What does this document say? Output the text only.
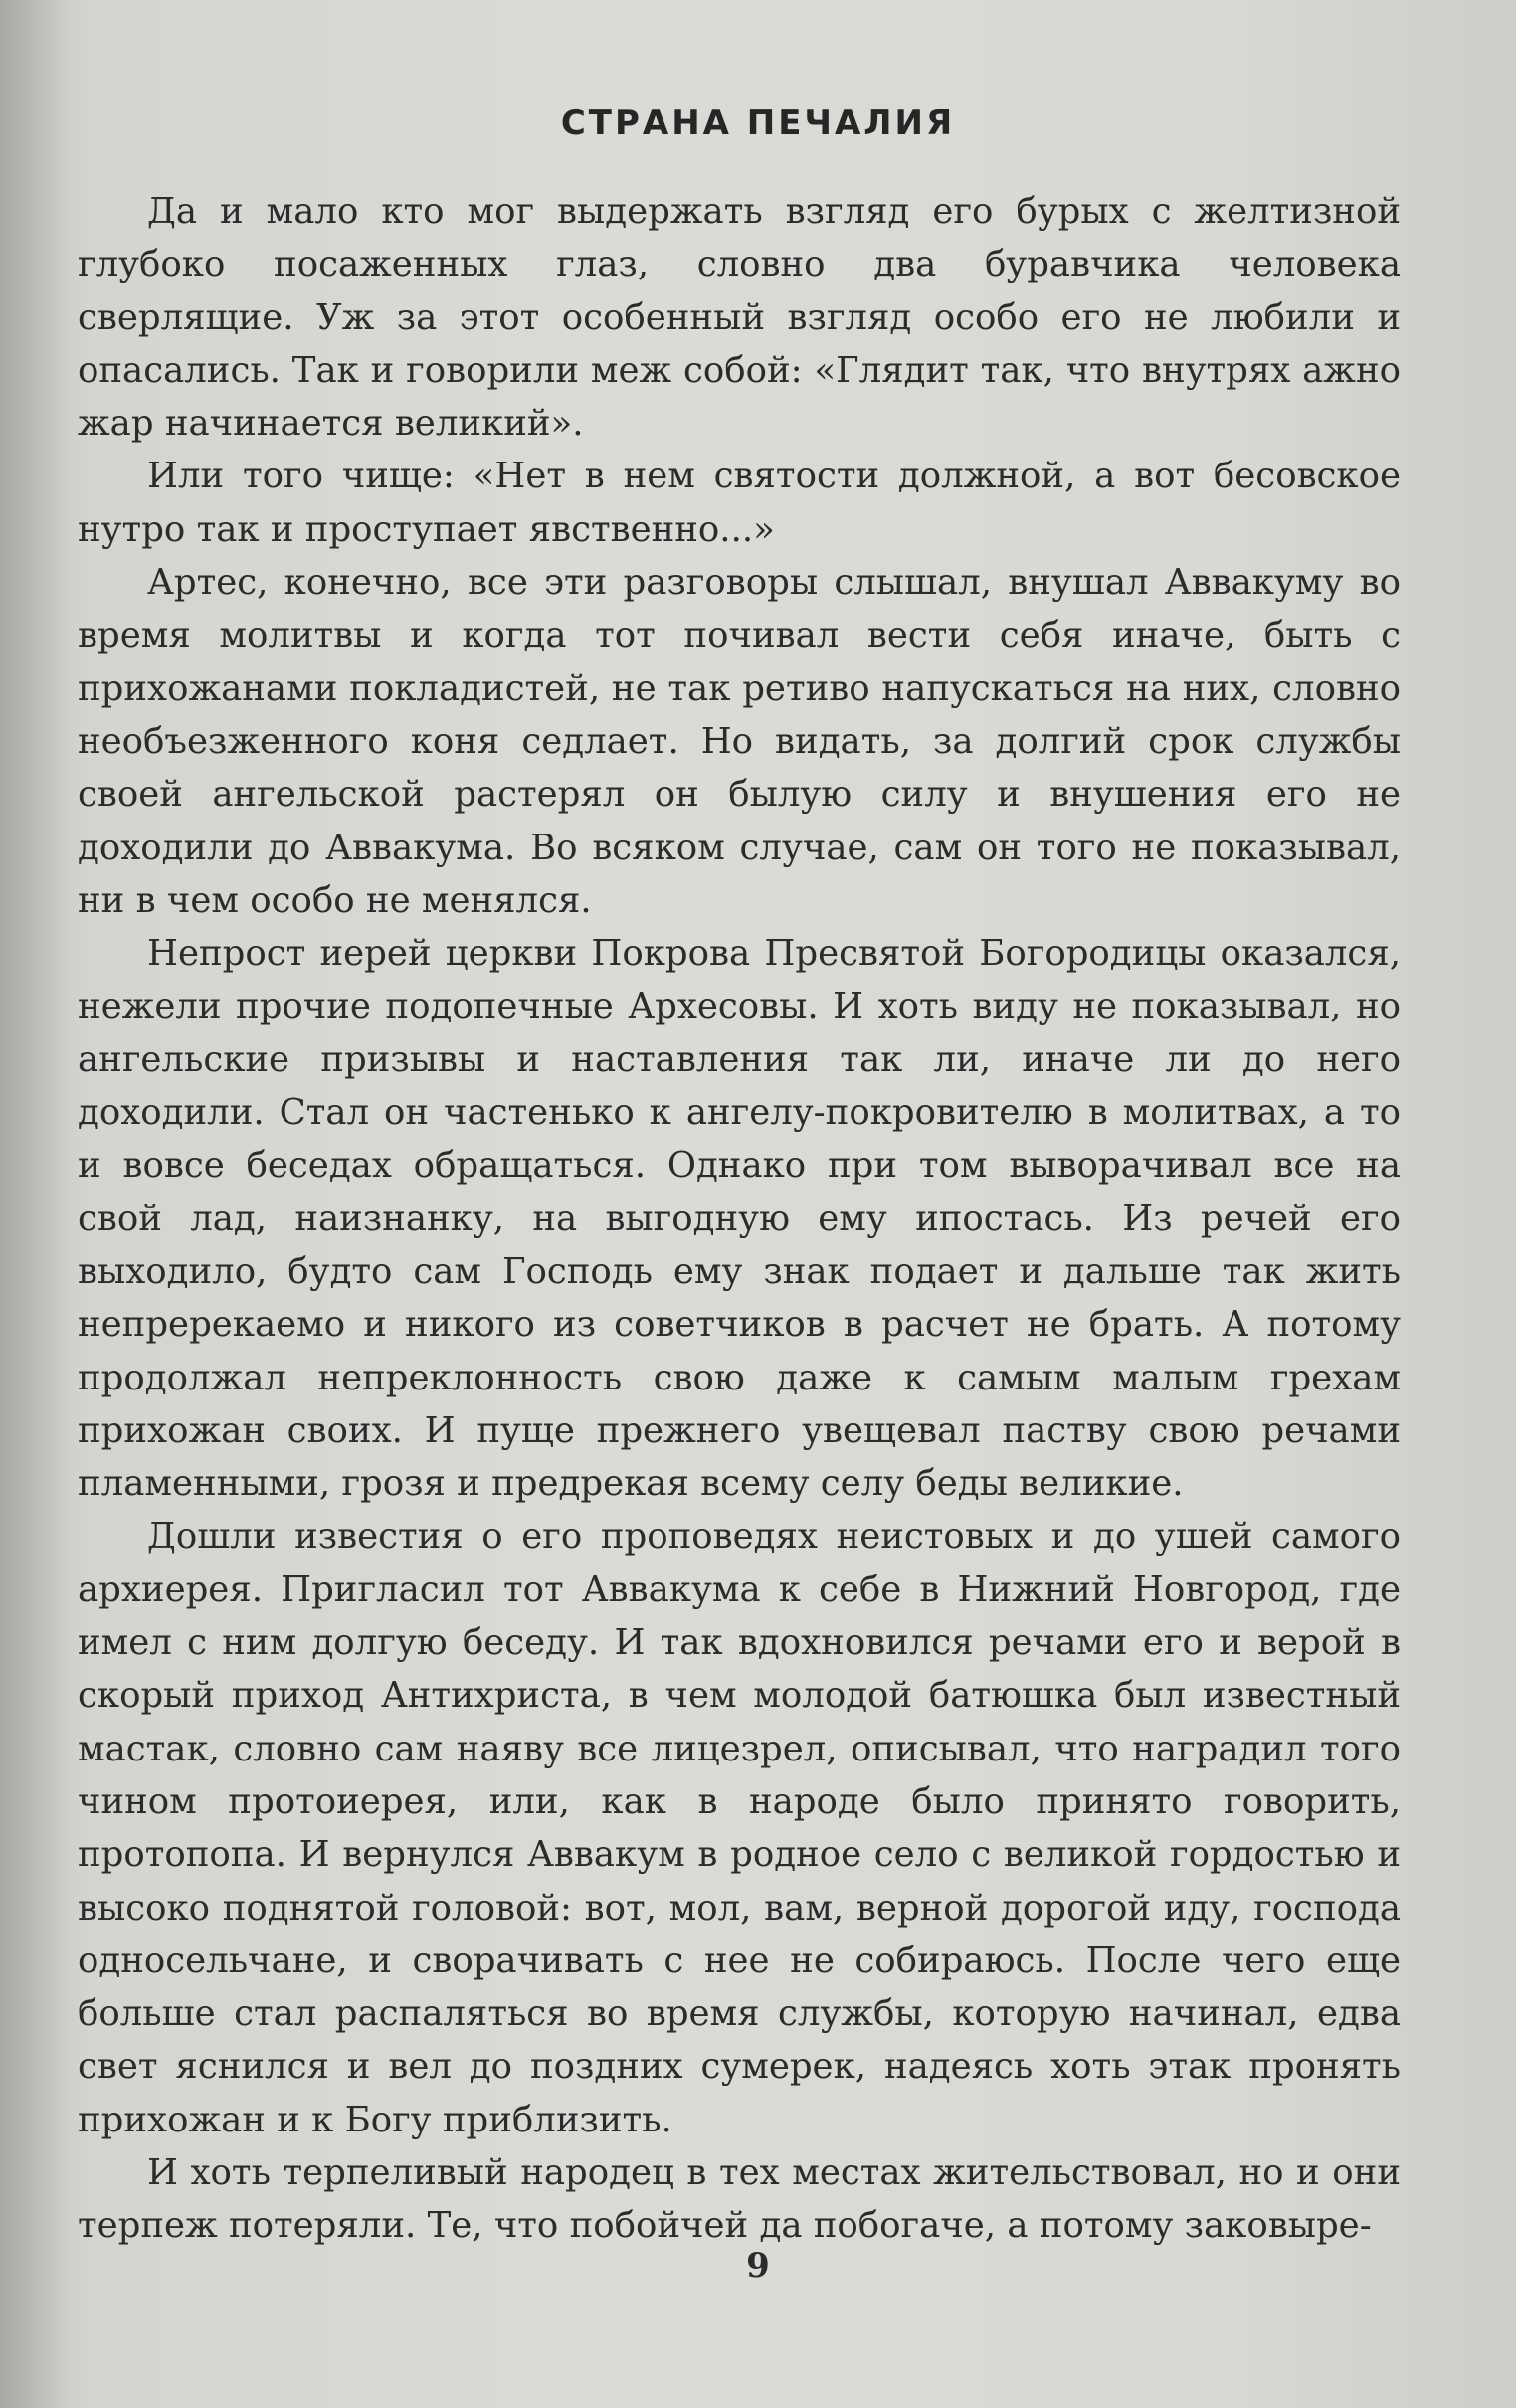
СТРАНА ПЕЧАЛИЯ

Да и мало кто мог выдержать взгляд его бурых с желтизной глубоко посаженных глаз, словно два буравчика человека сверлящие. Уж за этот особенный взгляд особо его не любили и опасались. Так и говорили меж собой: «Глядит так, что внутрях ажно жар начинается великий».

Или того чище: «Нет в нем святости должной, а вот бесовское нутро так и проступает явственно...»

Артес, конечно, все эти разговоры слышал, внушал Аввакуму во время молитвы и когда тот почивал вести себя иначе, быть с прихожанами покладистей, не так ретиво напускаться на них, словно необъезженного коня седлает. Но видать, за долгий срок службы своей ангельской растерял он былую силу и внушения его не доходили до Аввакума. Во всяком случае, сам он того не показывал, ни в чем особо не менялся.

Непрост иерей церкви Покрова Пресвятой Богородицы оказался, нежели прочие подопечные Архесовы. И хоть виду не показывал, но ангельские призывы и наставления так ли, иначе ли до него доходили. Стал он частенько к ангелу-покровителю в молитвах, а то и вовсе беседах обращаться. Однако при том выворачивал все на свой лад, наизнанку, на выгодную ему ипостась. Из речей его выходило, будто сам Господь ему знак подает и дальше так жить непререкаемо и никого из советчиков в расчет не брать. А потому продолжал непреклонность свою даже к самым малым грехам прихожан своих. И пуще прежнего увещевал паству свою речами пламенными, грозя и предрекая всему селу беды великие.

Дошли известия о его проповедях неистовых и до ушей самого архиерея. Пригласил тот Аввакума к себе в Нижний Новгород, где имел с ним долгую беседу. И так вдохновился речами его и верой в скорый приход Антихриста, в чем молодой батюшка был известный мастак, словно сам наяву все лицезрел, описывал, что наградил того чином протоиерея, или, как в народе было принято говорить, протопопа. И вернулся Аввакум в родное село с великой гордостью и высоко поднятой головой: вот, мол, вам, верной дорогой иду, господа односельчане, и сворачивать с нее не собираюсь. После чего еще больше стал распаляться во время службы, которую начинал, едва свет яснился и вел до поздних сумерек, надеясь хоть этак пронять прихожан и к Богу приблизить.

И хоть терпеливый народец в тех местах жительствовал, но и они терпеж потеряли. Те, что побойчей да побогаче, а потому заковыре-

9
